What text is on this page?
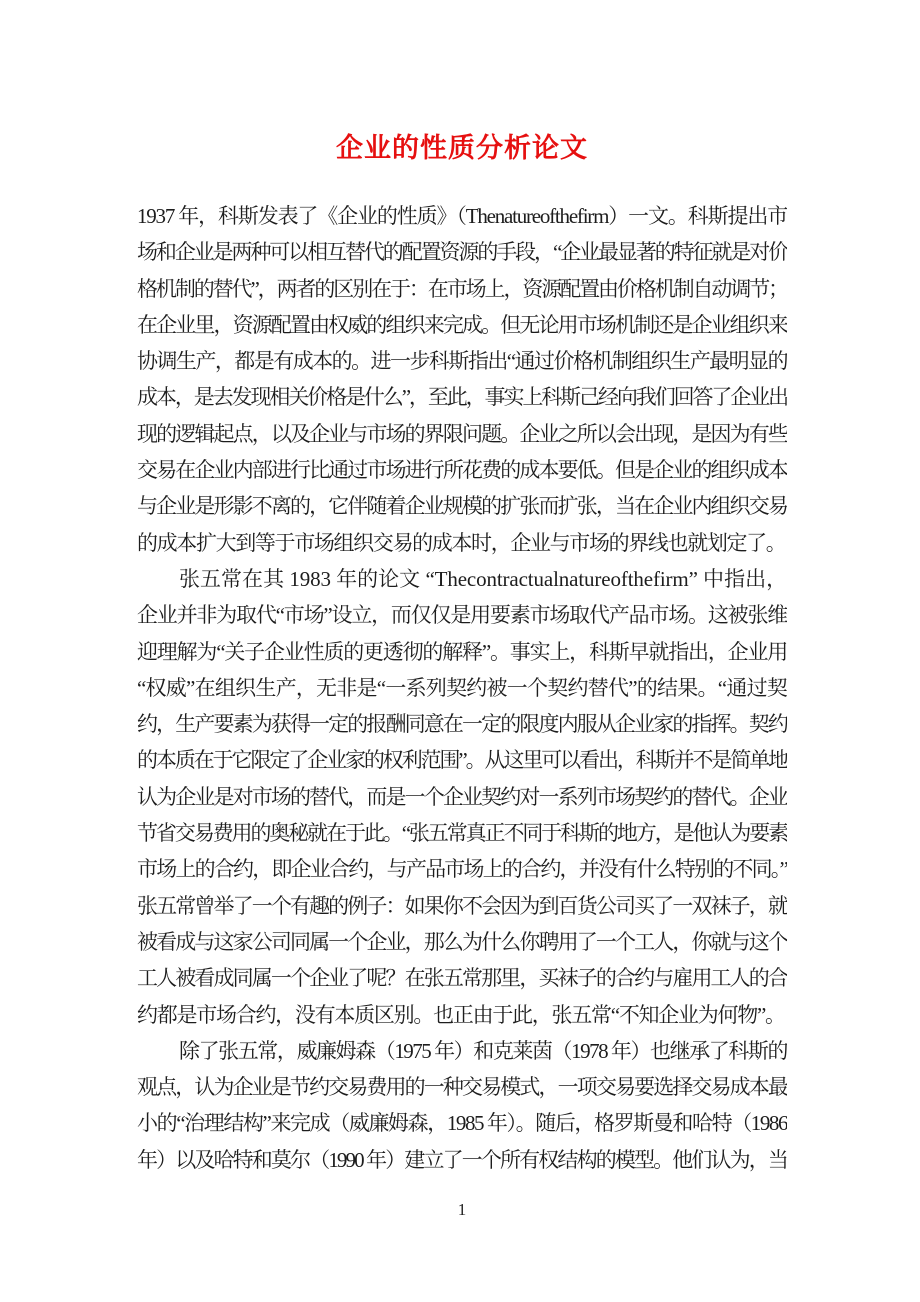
企业的性质分析论文
1937 年，科斯发表了《企业的性质》（Thenatureofthefirm）一文。科斯提出市
场和企业是两种可以相互替代的配置资源的手段，“企业最显著的特征就是对价
格机制的替代”，两者的区别在于：在市场上，资源配置由价格机制自动调节；
在企业里，资源配置由权威的组织来完成。但无论用市场机制还是企业组织来
协调生产，都是有成本的。进一步科斯指出“通过价格机制组织生产最明显的
成本，是去发现相关价格是什么”，至此，事实上科斯己经向我们回答了企业出
现的逻辑起点，以及企业与市场的界限问题。企业之所以会出现，是因为有些
交易在企业内部进行比通过市场进行所花费的成本要低。但是企业的组织成本
与企业是形影不离的，它伴随着企业规模的扩张而扩张，当在企业内组织交易
的成本扩大到等于市场组织交易的成本时，企业与市场的界线也就划定了。
张五常在其 1983 年的论文 “Thecontractualnatureofthefirm” 中指出，
企业并非为取代“市场”设立，而仅仅是用要素市场取代产品市场。这被张维
迎理解为“关子企业性质的更透彻的解释”。事实上，科斯早就指出，企业用
“权威”在组织生产，无非是“一系列契约被一个契约替代”的结果。“通过契
约，生产要素为获得一定的报酬同意在一定的限度内服从企业家的指挥。契约
的本质在于它限定了企业家的权利范围”。从这里可以看出，科斯并不是简单地
认为企业是对市场的替代，而是一个企业契约对一系列市场契约的替代。企业
节省交易费用的奥秘就在于此。“张五常真正不同于科斯的地方，是他认为要素
市场上的合约，即企业合约，与产品市场上的合约，并没有什么特别的不同。”
张五常曾举了一个有趣的例子：如果你不会因为到百货公司买了一双袜子，就
被看成与这家公司同属一个企业，那么为什么你聘用了一个工人，你就与这个
工人被看成同属一个企业了呢？在张五常那里，买袜子的合约与雇用工人的合
约都是市场合约，没有本质区别。也正由于此，张五常“不知企业为何物”。
除了张五常，威廉姆森（1975 年）和克莱茵（1978 年）也继承了科斯的
观点，认为企业是节约交易费用的一种交易模式，一项交易要选择交易成本最
小的“治理结构”来完成（威廉姆森，1985 年）。随后，格罗斯曼和哈特（1986
年）以及哈特和莫尔（1990 年）建立了一个所有权结构的模型。他们认为，当
1
